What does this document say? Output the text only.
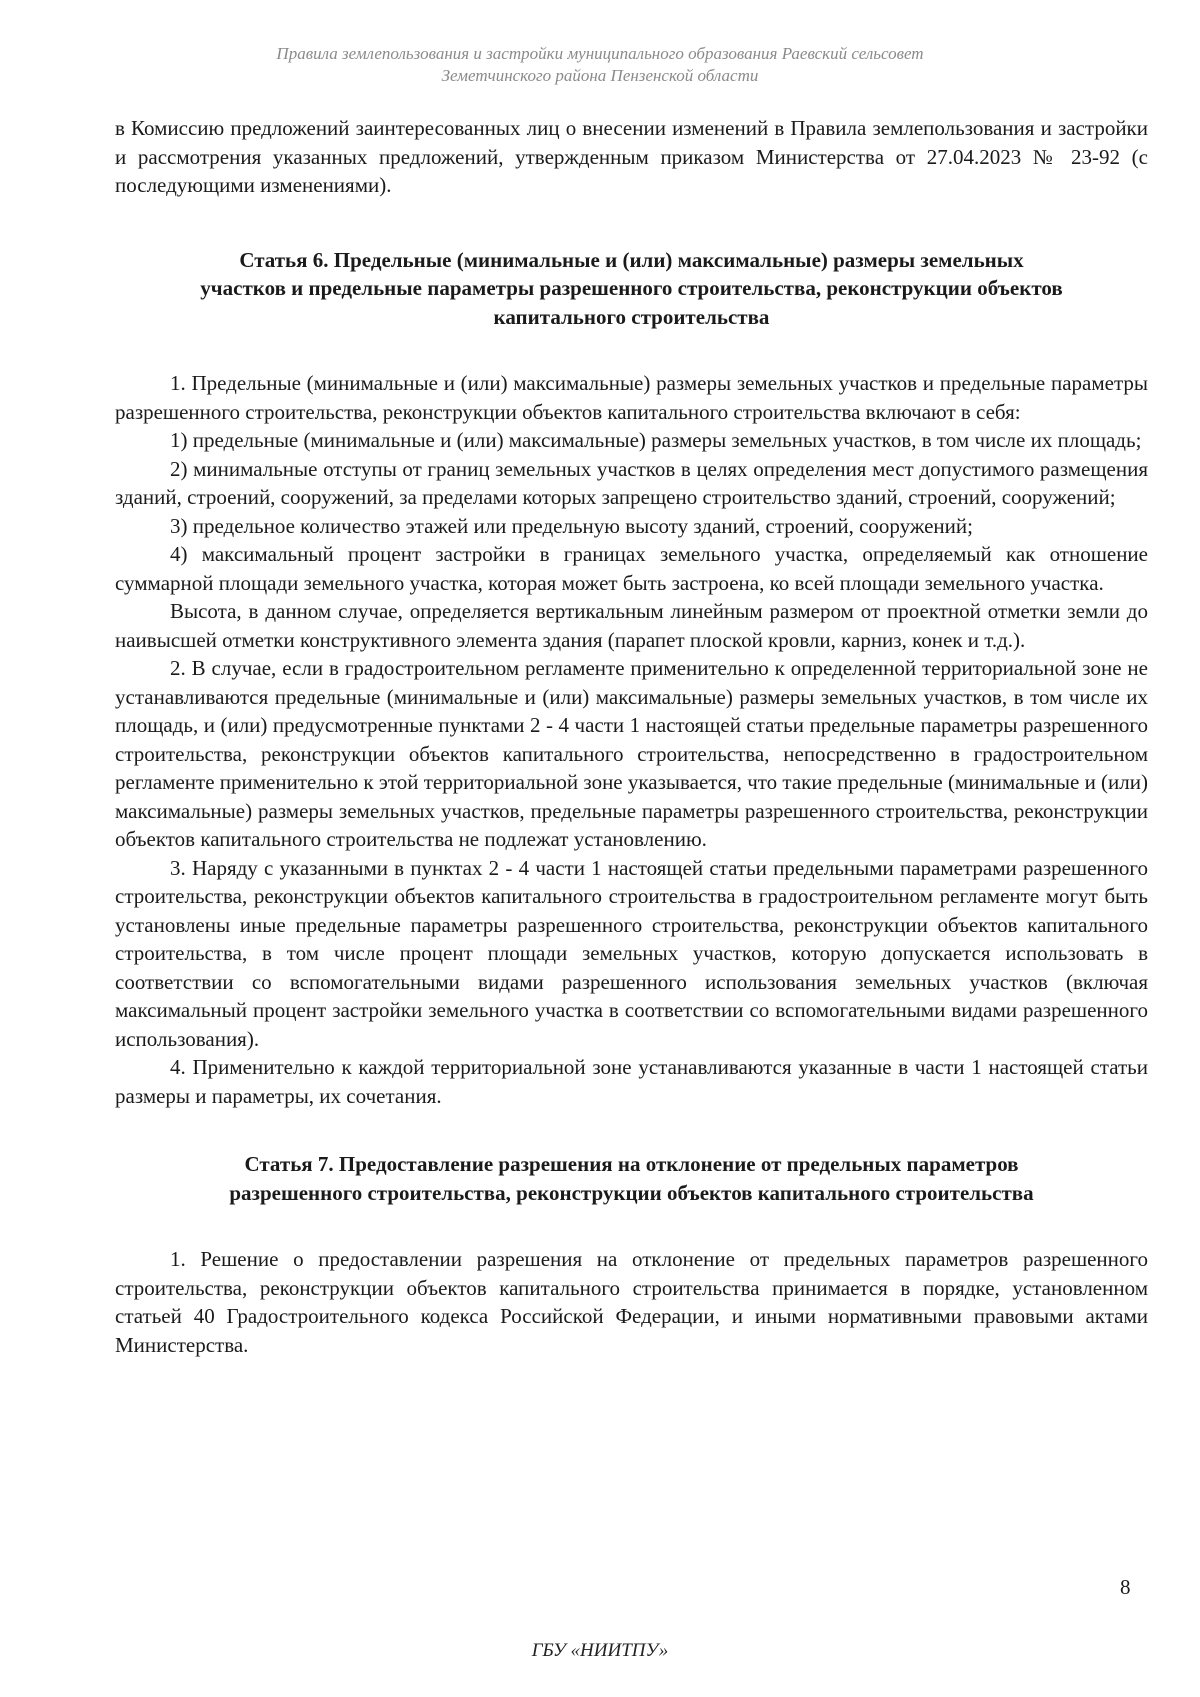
Правила землепользования и застройки муниципального образования Раевский сельсовет
Земетчинского района Пензенской области

в Комиссию предложений заинтересованных лиц о внесении изменений в Правила землепользования и застройки и рассмотрения указанных предложений, утвержденным приказом Министерства от 27.04.2023 № 23-92 (с последующими изменениями).

Статья 6. Предельные (минимальные и (или) максимальные) размеры земельных
участков и предельные параметры разрешенного строительства, реконструкции объектов
капитального строительства

1. Предельные (минимальные и (или) максимальные) размеры земельных участков и предельные параметры разрешенного строительства, реконструкции объектов капитального строительства включают в себя:

1) предельные (минимальные и (или) максимальные) размеры земельных участков, в том числе их площадь;

2) минимальные отступы от границ земельных участков в целях определения мест допустимого размещения зданий, строений, сооружений, за пределами которых запрещено строительство зданий, строений, сооружений;

3) предельное количество этажей или предельную высоту зданий, строений, сооружений;

4) максимальный процент застройки в границах земельного участка, определяемый как отношение суммарной площади земельного участка, которая может быть застроена, ко всей площади земельного участка.

Высота, в данном случае, определяется вертикальным линейным размером от проектной отметки земли до наивысшей отметки конструктивного элемента здания (парапет плоской кровли, карниз, конек и т.д.).

2. В случае, если в градостроительном регламенте применительно к определенной территориальной зоне не устанавливаются предельные (минимальные и (или) максимальные) размеры земельных участков, в том числе их площадь, и (или) предусмотренные пунктами 2 - 4 части 1 настоящей статьи предельные параметры разрешенного строительства, реконструкции объектов капитального строительства, непосредственно в градостроительном регламенте применительно к этой территориальной зоне указывается, что такие предельные (минимальные и (или) максимальные) размеры земельных участков, предельные параметры разрешенного строительства, реконструкции объектов капитального строительства не подлежат установлению.

3. Наряду с указанными в пунктах 2 - 4 части 1 настоящей статьи предельными параметрами разрешенного строительства, реконструкции объектов капитального строительства в градостроительном регламенте могут быть установлены иные предельные параметры разрешенного строительства, реконструкции объектов капитального строительства, в том числе процент площади земельных участков, которую допускается использовать в соответствии со вспомогательными видами разрешенного использования земельных участков (включая максимальный процент застройки земельного участка в соответствии со вспомогательными видами разрешенного использования).

4. Применительно к каждой территориальной зоне устанавливаются указанные в части 1 настоящей статьи размеры и параметры, их сочетания.

Статья 7. Предоставление разрешения на отклонение от предельных параметров
разрешенного строительства, реконструкции объектов капитального строительства

1. Решение о предоставлении разрешения на отклонение от предельных параметров разрешенного строительства, реконструкции объектов капитального строительства принимается в порядке, установленном статьей 40 Градостроительного кодекса Российской Федерации, и иными нормативными правовыми актами Министерства.

8
ГБУ «НИИТПУ»
